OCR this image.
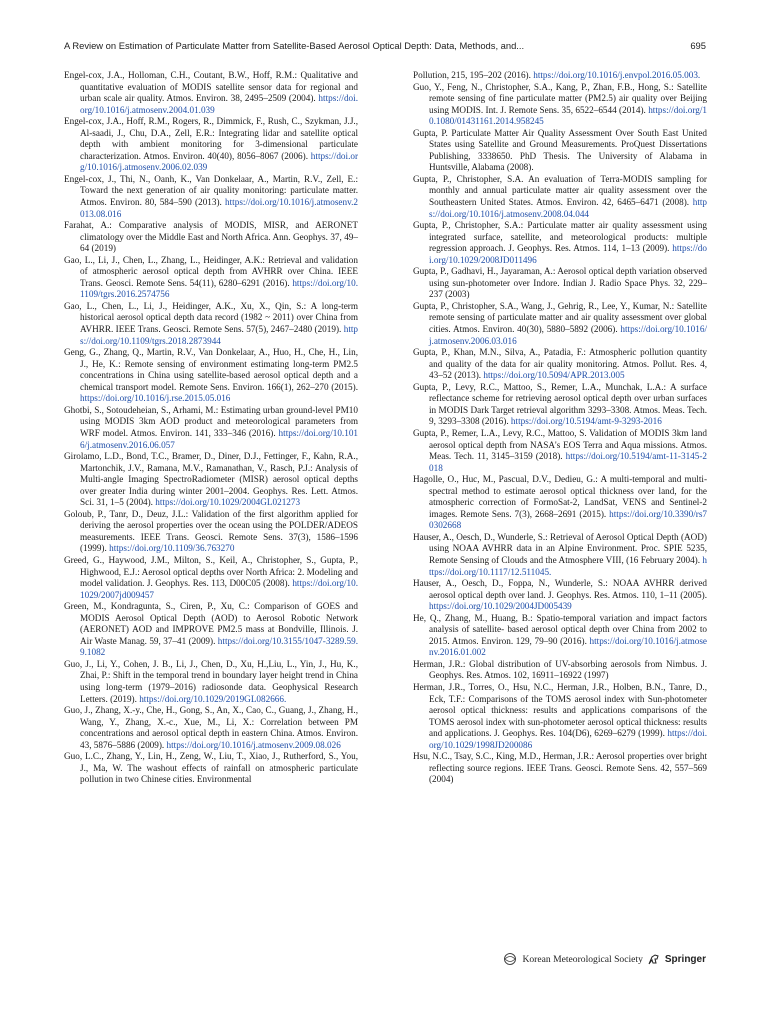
A Review on Estimation of Particulate Matter from Satellite-Based Aerosol Optical Depth: Data, Methods, and...	695

Engel-cox, J.A., Holloman, C.H., Coutant, B.W., Hoff, R.M.: Qualitative and quantitative evaluation of MODIS satellite sensor data for regional and urban scale air quality. Atmos. Environ. 38, 2495–2509 (2004). https://doi.org/10.1016/j.atmosenv.2004.01.039

Engel-cox, J.A., Hoff, R.M., Rogers, R., Dimmick, F., Rush, C., Szykman, J.J., Al-saadi, J., Chu, D.A., Zell, E.R.: Integrating lidar and satellite optical depth with ambient monitoring for 3-dimensional particulate characterization. Atmos. Environ. 40(40), 8056–8067 (2006). https://doi.org/10.1016/j.atmosenv.2006.02.039

Engel-cox, J., Thi, N., Oanh, K., Van Donkelaar, A., Martin, R.V., Zell, E.: Toward the next generation of air quality monitoring: particulate matter. Atmos. Environ. 80, 584–590 (2013). https://doi.org/10.1016/j.atmosenv.2013.08.016

Farahat, A.: Comparative analysis of MODIS, MISR, and AERONET climatology over the Middle East and North Africa. Ann. Geophys. 37, 49–64 (2019)

Gao, L., Li, J., Chen, L., Zhang, L., Heidinger, A.K.: Retrieval and validation of atmospheric aerosol optical depth from AVHRR over China. IEEE Trans. Geosci. Remote Sens. 54(11), 6280–6291 (2016). https://doi.org/10.1109/tgrs.2016.2574756

Gao, L., Chen, L., Li, J., Heidinger, A.K., Xu, X., Qin, S.: A long-term historical aerosol optical depth data record (1982 ~ 2011) over China from AVHRR. IEEE Trans. Geosci. Remote Sens. 57(5), 2467–2480 (2019). https://doi.org/10.1109/tgrs.2018.2873944

Geng, G., Zhang, Q., Martin, R.V., Van Donkelaar, A., Huo, H., Che, H., Lin, J., He, K.: Remote sensing of environment estimating long-term PM2.5 concentrations in China using satellite-based aerosol optical depth and a chemical transport model. Remote Sens. Environ. 166(1), 262–270 (2015). https://doi.org/10.1016/j.rse.2015.05.016

Ghotbi, S., Sotoudeheian, S., Arhami, M.: Estimating urban ground-level PM10 using MODIS 3km AOD product and meteorological parameters from WRF model. Atmos. Environ. 141, 333–346 (2016). https://doi.org/10.1016/j.atmosenv.2016.06.057

Girolamo, L.D., Bond, T.C., Bramer, D., Diner, D.J., Fettinger, F., Kahn, R.A., Martonchik, J.V., Ramana, M.V., Ramanathan, V., Rasch, P.J.: Analysis of Multi-angle Imaging SpectroRadiometer (MISR) aerosol optical depths over greater India during winter 2001–2004. Geophys. Res. Lett. Atmos. Sci. 31, 1–5 (2004). https://doi.org/10.1029/2004GL021273

Goloub, P., Tanr, D., Deuz, J.L.: Validation of the first algorithm applied for deriving the aerosol properties over the ocean using the POLDER/ADEOS measurements. IEEE Trans. Geosci. Remote Sens. 37(3), 1586–1596 (1999). https://doi.org/10.1109/36.763270

Greed, G., Haywood, J.M., Milton, S., Keil, A., Christopher, S., Gupta, P., Highwood, E.J.: Aerosol optical depths over North Africa: 2. Modeling and model validation. J. Geophys. Res. 113, D00C05 (2008). https://doi.org/10.1029/2007jd009457

Green, M., Kondragunta, S., Ciren, P., Xu, C.: Comparison of GOES and MODIS Aerosol Optical Depth (AOD) to Aerosol Robotic Network (AERONET) AOD and IMPROVE PM2.5 mass at Bondville, Illinois. J. Air Waste Manag. 59, 37–41 (2009). https://doi.org/10.3155/1047-3289.59.9.1082

Guo, J., Li, Y., Cohen, J. B., Li, J., Chen, D., Xu, H.,Liu, L., Yin, J., Hu, K., Zhai, P.: Shift in the temporal trend in boundary layer height trend in China using long-term (1979–2016) radiosonde data. Geophysical Research Letters. (2019). https://doi.org/10.1029/2019GL082666.

Guo, J., Zhang, X.-y., Che, H., Gong, S., An, X., Cao, C., Guang, J., Zhang, H., Wang, Y., Zhang, X.-c., Xue, M., Li, X.: Correlation between PM concentrations and aerosol optical depth in eastern China. Atmos. Environ. 43, 5876–5886 (2009). https://doi.org/10.1016/j.atmosenv.2009.08.026

Guo, L.C., Zhang, Y., Lin, H., Zeng, W., Liu, T., Xiao, J., Rutherford, S., You, J., Ma, W. The washout effects of rainfall on atmospheric particulate pollution in two Chinese cities. Environmental

Pollution, 215, 195–202 (2016). https://doi.org/10.1016/j.envpol.2016.05.003.

Guo, Y., Feng, N., Christopher, S.A., Kang, P., Zhan, F.B., Hong, S.: Satellite remote sensing of fine particulate matter (PM2.5) air quality over Beijing using MODIS. Int. J. Remote Sens. 35, 6522–6544 (2014). https://doi.org/10.1080/01431161.2014.958245

Gupta, P. Particulate Matter Air Quality Assessment Over South East United States using Satellite and Ground Measurements. ProQuest Dissertations Publishing, 3338650. PhD Thesis. The University of Alabama in Huntsville, Alabama (2008).

Gupta, P., Christopher, S.A. An evaluation of Terra-MODIS sampling for monthly and annual particulate matter air quality assessment over the Southeastern United States. Atmos. Environ. 42, 6465–6471 (2008). https://doi.org/10.1016/j.atmosenv.2008.04.044

Gupta, P., Christopher, S.A.: Particulate matter air quality assessment using integrated surface, satellite, and meteorological products: multiple regression approach. J. Geophys. Res. Atmos. 114, 1–13 (2009). https://doi.org/10.1029/2008JD011496

Gupta, P., Gadhavi, H., Jayaraman, A.: Aerosol optical depth variation observed using sun-photometer over Indore. Indian J. Radio Space Phys. 32, 229–237 (2003)

Gupta, P., Christopher, S.A., Wang, J., Gehrig, R., Lee, Y., Kumar, N.: Satellite remote sensing of particulate matter and air quality assessment over global cities. Atmos. Environ. 40(30), 5880–5892 (2006). https://doi.org/10.1016/j.atmosenv.2006.03.016

Gupta, P., Khan, M.N., Silva, A., Patadia, F.: Atmospheric pollution quantity and quality of the data for air quality monitoring. Atmos. Pollut. Res. 4, 43–52 (2013). https://doi.org/10.5094/APR.2013.005

Gupta, P., Levy, R.C., Mattoo, S., Remer, L.A., Munchak, L.A.: A surface reflectance scheme for retrieving aerosol optical depth over urban surfaces in MODIS Dark Target retrieval algorithm 3293–3308. Atmos. Meas. Tech. 9, 3293–3308 (2016). https://doi.org/10.5194/amt-9-3293-2016

Gupta, P., Remer, L.A., Levy, R.C., Mattoo, S. Validation of MODIS 3km land aerosol optical depth from NASA's EOS Terra and Aqua missions. Atmos. Meas. Tech. 11, 3145–3159 (2018). https://doi.org/10.5194/amt-11-3145-2018

Hagolle, O., Huc, M., Pascual, D.V., Dedieu, G.: A multi-temporal and multi-spectral method to estimate aerosol optical thickness over land, for the atmospheric correction of FormoSat-2, LandSat, VENS and Sentinel-2 images. Remote Sens. 7(3), 2668–2691 (2015). https://doi.org/10.3390/rs70302668

Hauser, A., Oesch, D., Wunderle, S.: Retrieval of Aerosol Optical Depth (AOD) using NOAA AVHRR data in an Alpine Environment. Proc. SPIE 5235, Remote Sensing of Clouds and the Atmosphere VIII, (16 February 2004). https://doi.org/10.1117/12.511045.

Hauser, A., Oesch, D., Foppa, N., Wunderle, S.: NOAA AVHRR derived aerosol optical depth over land. J. Geophys. Res. Atmos. 110, 1–11 (2005). https://doi.org/10.1029/2004JD005439

He, Q., Zhang, M., Huang, B.: Spatio-temporal variation and impact factors analysis of satellite- based aerosol optical depth over China from 2002 to 2015. Atmos. Environ. 129, 79–90 (2016). https://doi.org/10.1016/j.atmosenv.2016.01.002

Herman, J.R.: Global distribution of UV-absorbing aerosols from Nimbus. J. Geophys. Res. Atmos. 102, 16911–16922 (1997)

Herman, J.R., Torres, O., Hsu, N.C., Herman, J.R., Holben, B.N., Tanre, D., Eck, T.F.: Comparisons of the TOMS aerosol index with Sun-photometer aerosol optical thickness: results and applications comparisons of the TOMS aerosol index with sun-photometer aerosol optical thickness: results and applications. J. Geophys. Res. 104(D6), 6269–6279 (1999). https://doi.org/10.1029/1998JD200086

Hsu, N.C., Tsay, S.C., King, M.D., Herman, J.R.: Aerosol properties over bright reflecting source regions. IEEE Trans. Geosci. Remote Sens. 42, 557–569 (2004)

Korean Meteorological Society Springer
